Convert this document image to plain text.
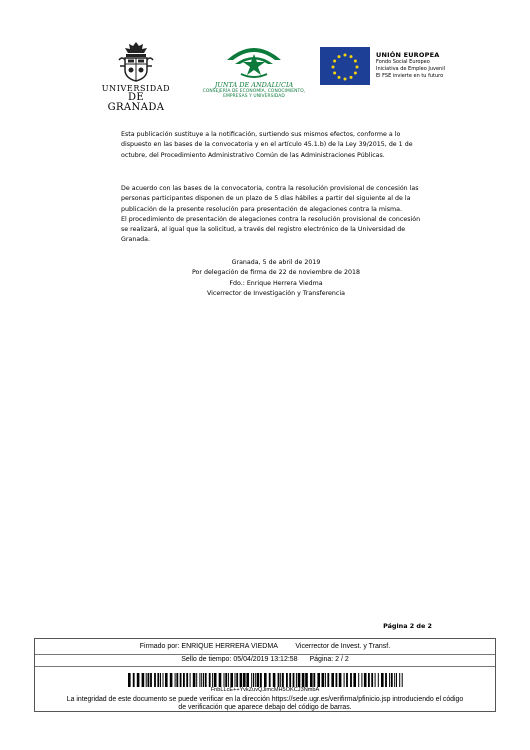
UNIVERSIDAD
DE GRANADA
JUNTA DE ANDALUCIA
CONSEJERÍA DE ECONOMÍA, CONOCIMIENTO,
EMPRESAS Y UNIVERSIDAD
UNIÓN EUROPEA
Fondo Social Europeo
Iniciativa de Empleo Juvenil
El FSE invierte en tu futuro
Esta publicación sustituye a la notificación, surtiendo sus mismos efectos, conforme a lo
dispuesto en las bases de la convocatoria y en el artículo 45.1.b) de la Ley 39/2015, de 1 de
octubre, del Procedimiento Administrativo Común de las Administraciones Públicas.
De acuerdo con las bases de la convocatoria, contra la resolución provisional de concesión las
personas participantes disponen de un plazo de 5 días hábiles a partir del siguiente al de la
publicación de la presente resolución para presentación de alegaciones contra la misma.
El procedimiento de presentación de alegaciones contra la resolución provisional de concesión
se realizará, al igual que la solicitud, a través del registro electrónico de la Universidad de
Granada.
Granada, 5 de abril de 2019
Por delegación de firma de 22 de noviembre de 2018
Fdo.: Enrique Herrera Viedma
Vicerrector de Investigación y Transferencia
Página 2 de 2
Firmado por: ENRIQUE HERRERA VIEDMA	Vicerrector de Invest. y Transf.
Sello de tiempo: 05/04/2019 13:12:58 Página: 2 / 2
FnbLLcE++YvkZuvQJimcMH5OKCJ3NmbA
La integridad de este documento se puede verificar en la dirección https://sede.ugr.es/verifirma/pfinicio.jsp introduciendo el código
de verificación que aparece debajo del código de barras.
